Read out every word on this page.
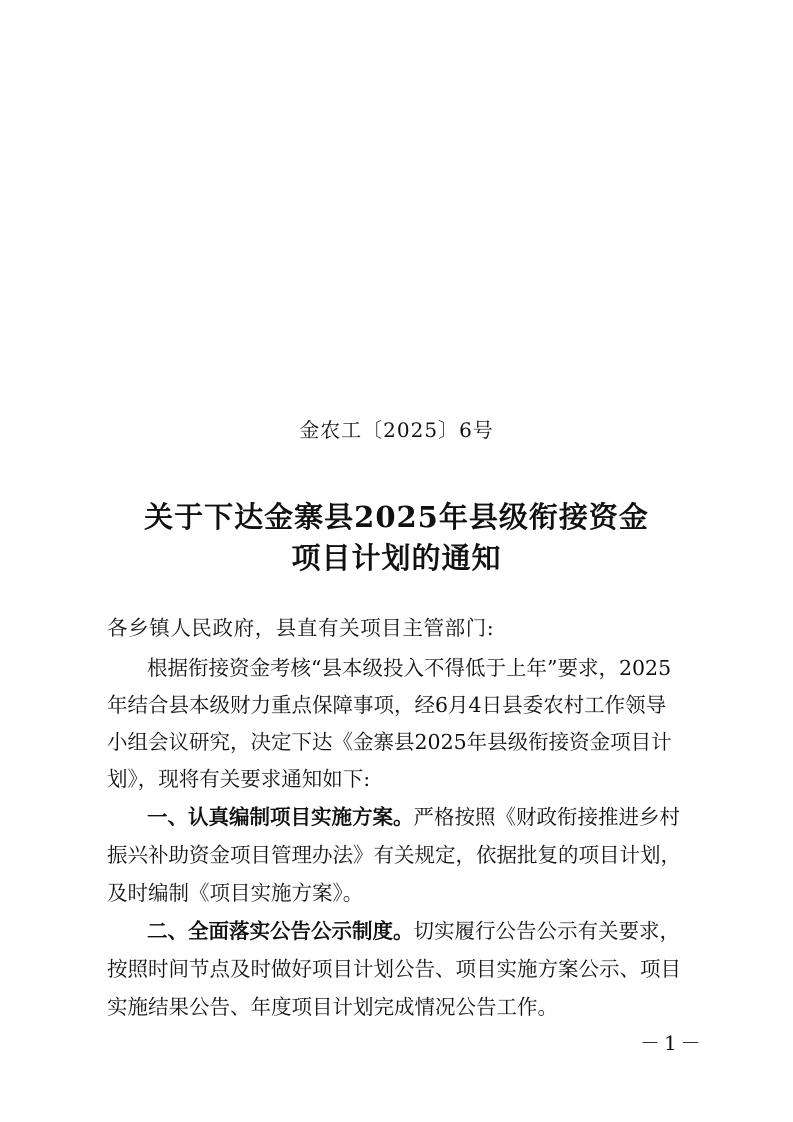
金农工〔2025〕6号
关于下达金寨县2025年县级衔接资金
项目计划的通知
各乡镇人民政府，县直有关项目主管部门:
根据衔接资金考核“县本级投入不得低于上年”要求，2025
年结合县本级财力重点保障事项，经6月4日县委农村工作领导
小组会议研究，决定下达《金寨县2025年县级衔接资金项目计
划》，现将有关要求通知如下:
一、认真编制项目实施方案。严格按照《财政衔接推进乡村
振兴补助资金项目管理办法》有关规定，依据批复的项目计划，
及时编制《项目实施方案》。
二、全面落实公告公示制度。切实履行公告公示有关要求，
按照时间节点及时做好项目计划公告、项目实施方案公示、项目
实施结果公告、年度项目计划完成情况公告工作。
－1－
